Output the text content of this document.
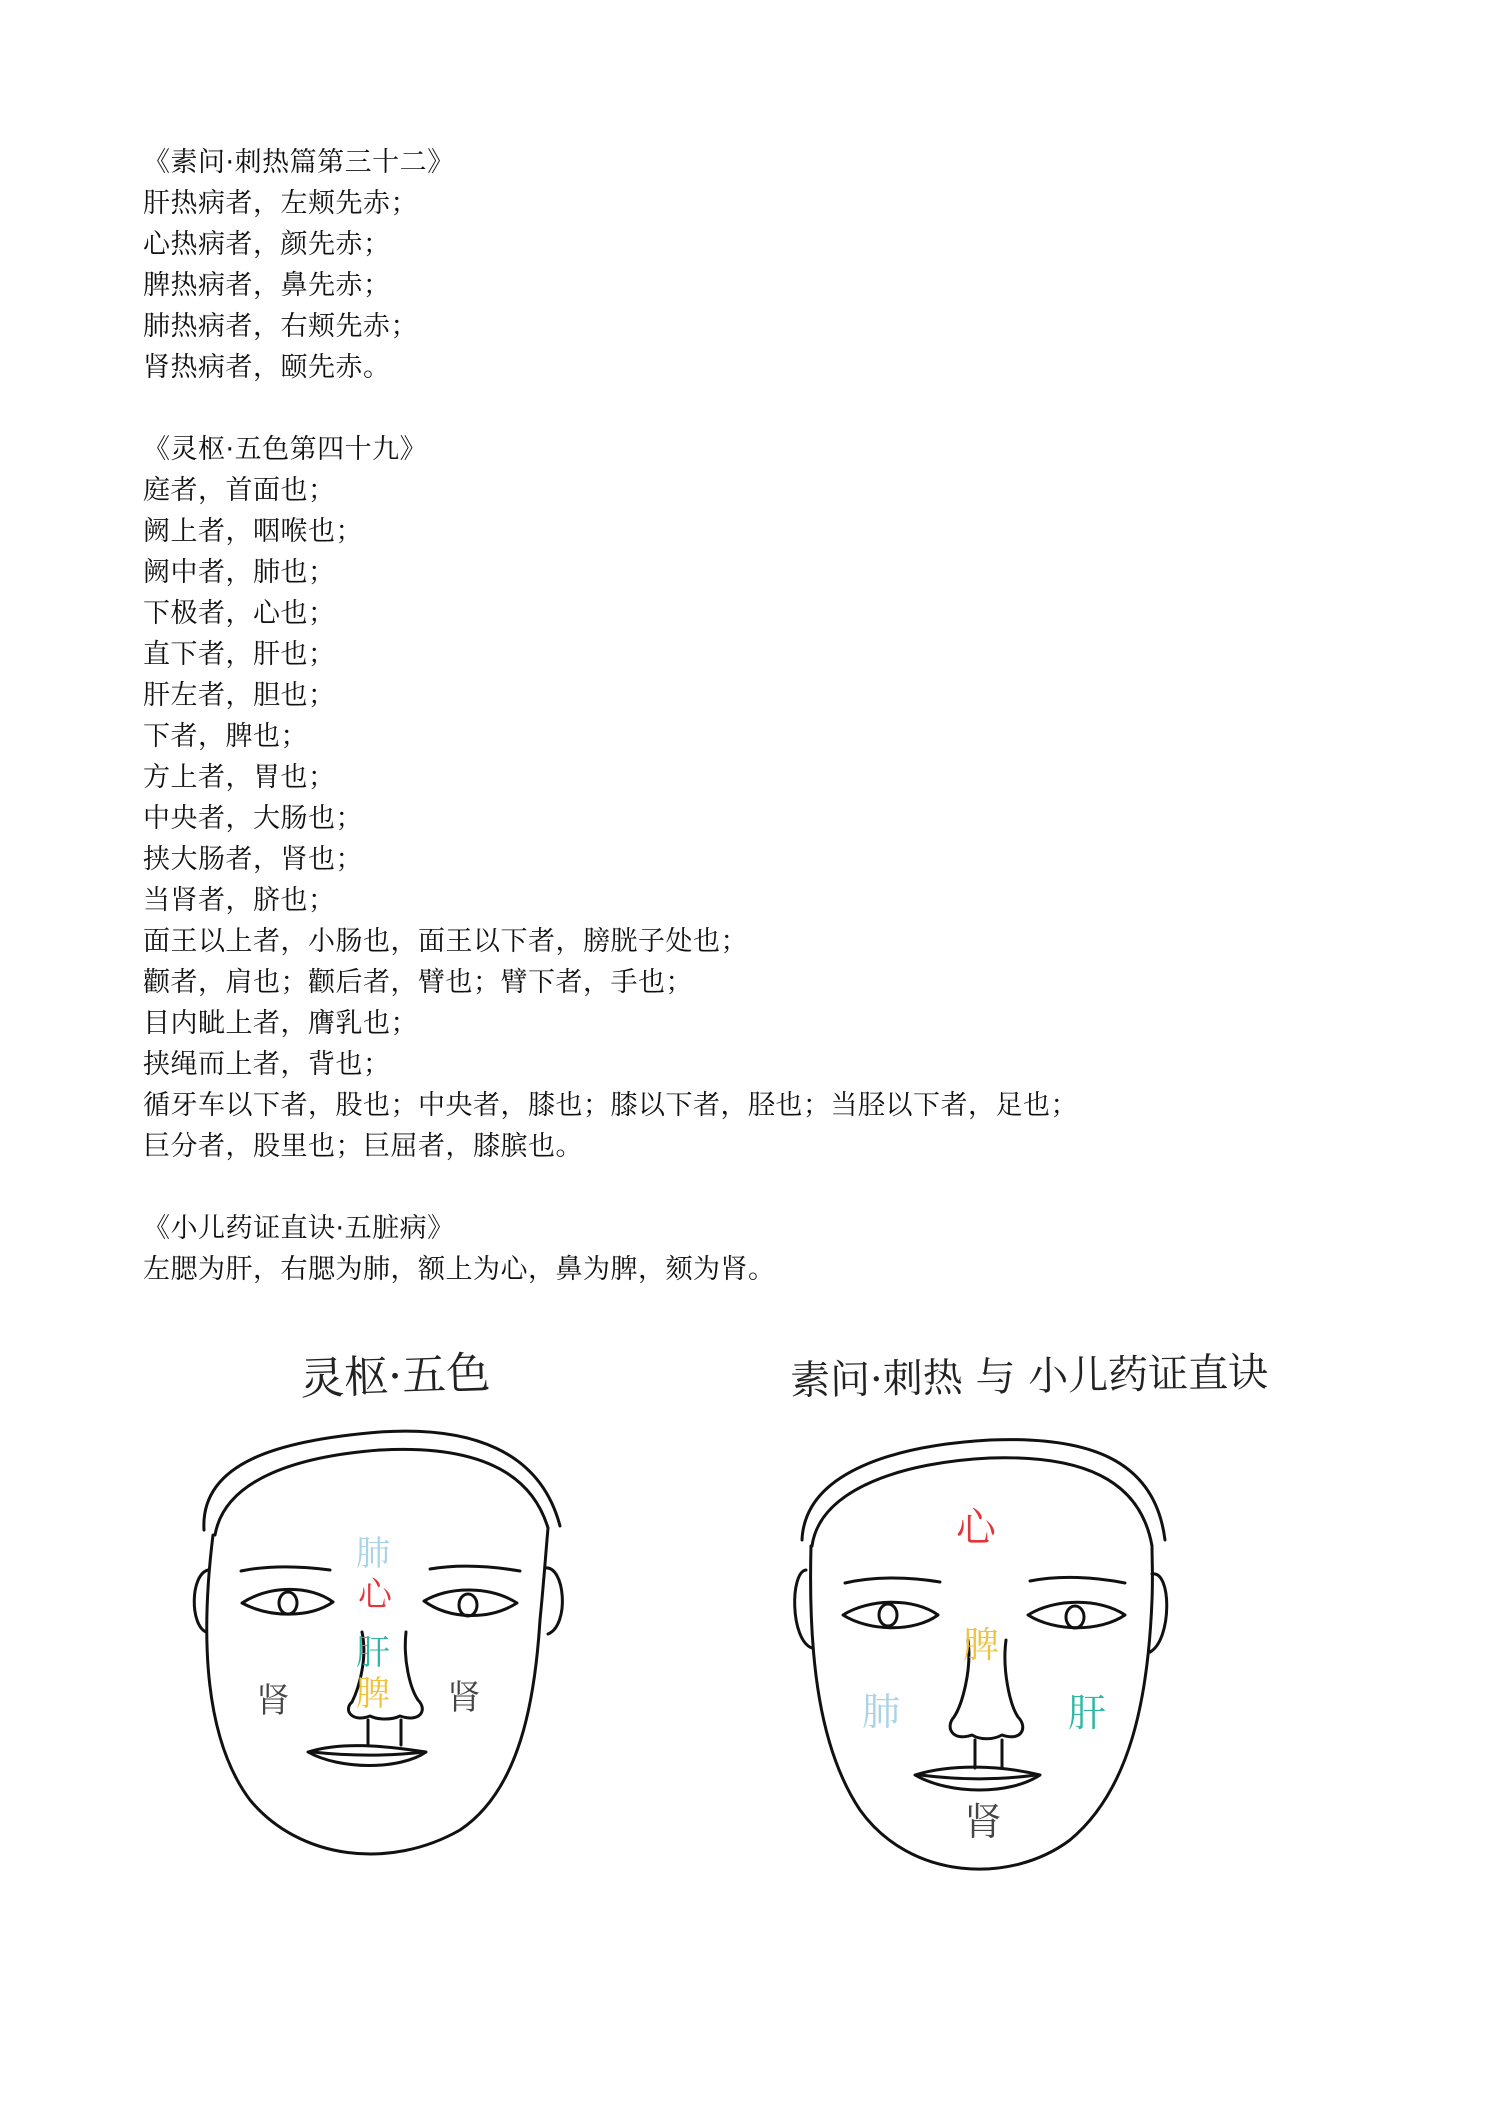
《素问·刺热篇第三十二》
肝热病者，左颊先赤；
心热病者，颜先赤；
脾热病者，鼻先赤；
肺热病者，右颊先赤；
肾热病者，颐先赤。
《灵枢·五色第四十九》
庭者，首面也；
阙上者，咽喉也；
阙中者，肺也；
下极者，心也；
直下者，肝也；
肝左者，胆也；
下者，脾也；
方上者，胃也；
中央者，大肠也；
挟大肠者，肾也；
当肾者，脐也；
面王以上者，小肠也，面王以下者，膀胱子处也；
颧者，肩也；颧后者，臂也；臂下者，手也；
目内眦上者，膺乳也；
挟绳而上者，背也；
循牙车以下者，股也；中央者，膝也；膝以下者，胫也；当胫以下者，足也；
巨分者，股里也；巨屈者，膝膑也。
《小儿药证直诀·五脏病》
左腮为肝，右腮为肺，额上为心，鼻为脾，颏为肾。
灵枢·五色
肺
心
肝
脾
肾	肾
素问·刺热 与 小儿药证直诀
心
脾
肺	肝
肾
